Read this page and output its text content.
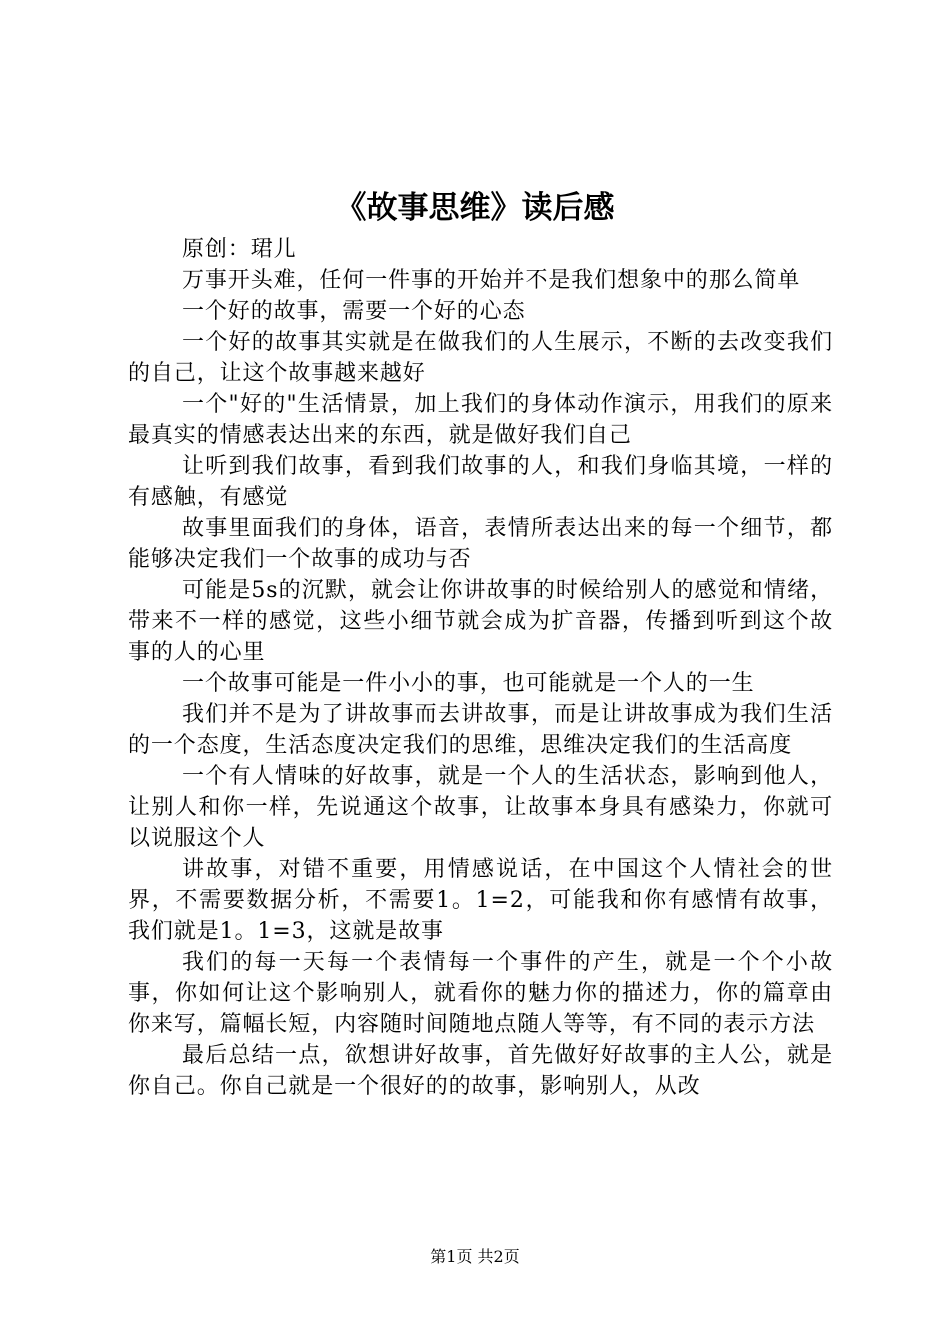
《故事思维》读后感

原创：珺儿

万事开头难，任何一件事的开始并不是我们想象中的那么简单

一个好的故事，需要一个好的心态

一个好的故事其实就是在做我们的人生展示，不断的去改变我们的自己，让这个故事越来越好

一个"好的"生活情景，加上我们的身体动作演示，用我们的原来最真实的情感表达出来的东西，就是做好我们自己

让听到我们故事，看到我们故事的人，和我们身临其境，一样的有感触，有感觉

故事里面我们的身体，语音，表情所表达出来的每一个细节，都能够决定我们一个故事的成功与否

可能是5s的沉默，就会让你讲故事的时候给别人的感觉和情绪，带来不一样的感觉，这些小细节就会成为扩音器，传播到听到这个故事的人的心里

一个故事可能是一件小小的事，也可能就是一个人的一生

我们并不是为了讲故事而去讲故事，而是让讲故事成为我们生活的一个态度，生活态度决定我们的思维，思维决定我们的生活高度

一个有人情味的好故事，就是一个人的生活状态，影响到他人，让别人和你一样，先说通这个故事，让故事本身具有感染力，你就可以说服这个人

讲故事，对错不重要，用情感说话，在中国这个人情社会的世界，不需要数据分析，不需要1。1=2，可能我和你有感情有故事，我们就是1。1=3，这就是故事

我们的每一天每一个表情每一个事件的产生，就是一个个小故事，你如何让这个影响别人，就看你的魅力你的描述力，你的篇章由你来写，篇幅长短，内容随时间随地点随人等等，有不同的表示方法

最后总结一点，欲想讲好故事，首先做好好故事的主人公，就是你自己。你自己就是一个很好的的故事，影响别人，从改

第1页 共2页
